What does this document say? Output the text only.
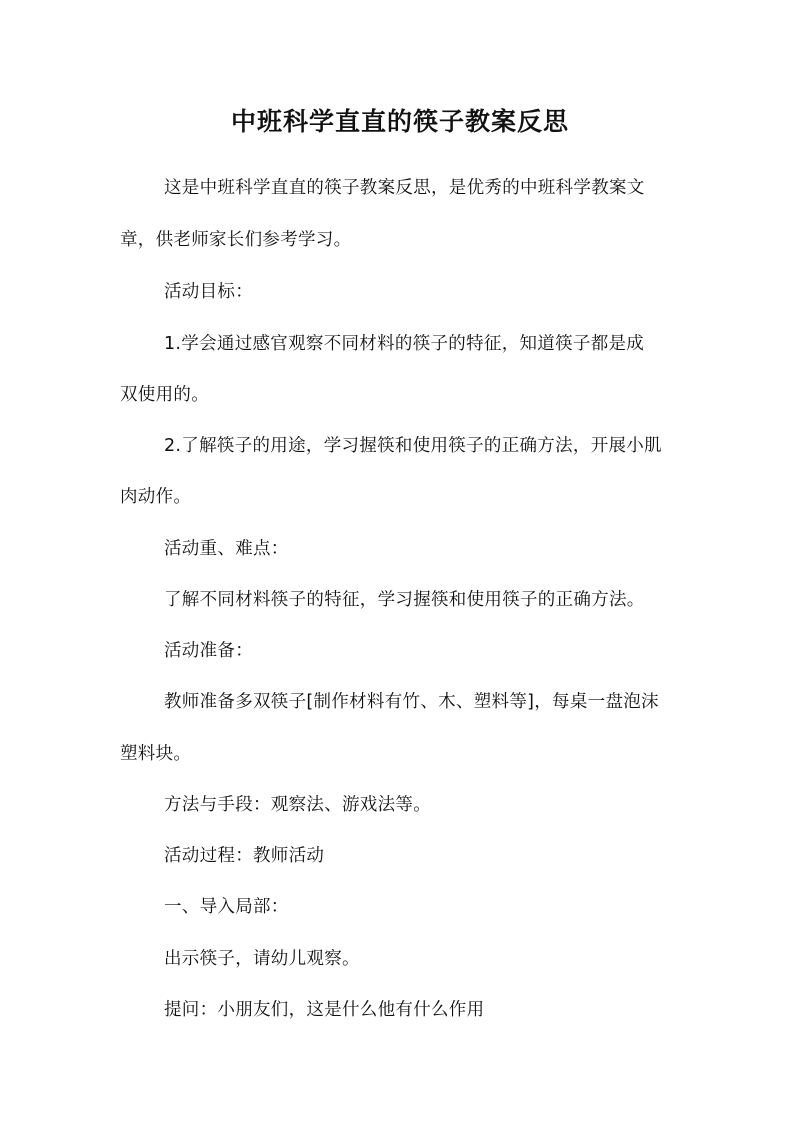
中班科学直直的筷子教案反思
这是中班科学直直的筷子教案反思，是优秀的中班科学教案文
章，供老师家长们参考学习。
活动目标：
1.学会通过感官观察不同材料的筷子的特征，知道筷子都是成
双使用的。
2.了解筷子的用途，学习握筷和使用筷子的正确方法，开展小肌
肉动作。
活动重、难点：
了解不同材料筷子的特征，学习握筷和使用筷子的正确方法。
活动准备：
教师准备多双筷子[制作材料有竹、木、塑料等]，每桌一盘泡沫
塑料块。
方法与手段：观察法、游戏法等。
活动过程：教师活动
一、导入局部：
出示筷子，请幼儿观察。
提问：小朋友们，这是什么他有什么作用
